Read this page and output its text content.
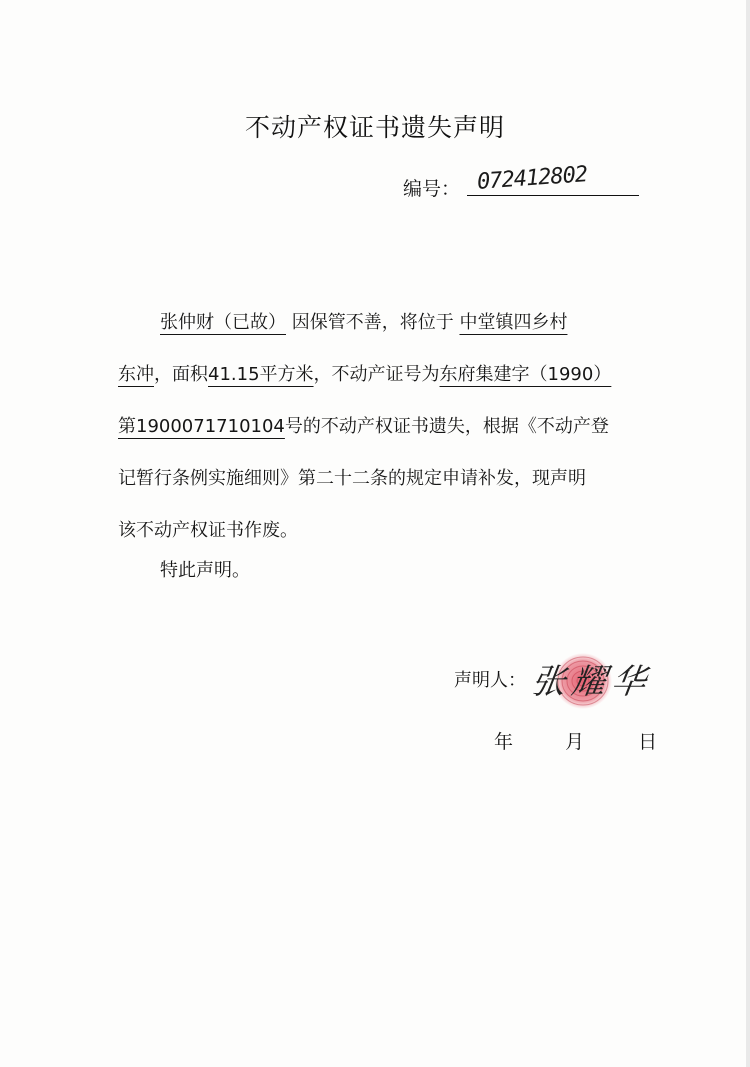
不动产权证书遗失声明
编号： 072412802
张仲财（已故） 因保管不善，将位于 中堂镇四乡村
东冲，面积41.15平方米，不动产证号为东府集建字（1990）
第1900071710104号的不动产权证书遗失，根据《不动产登
记暂行条例实施细则》第二十二条的规定申请补发，现声明
该不动产权证书作废。
特此声明。
声明人： 张耀华
年	月	日
